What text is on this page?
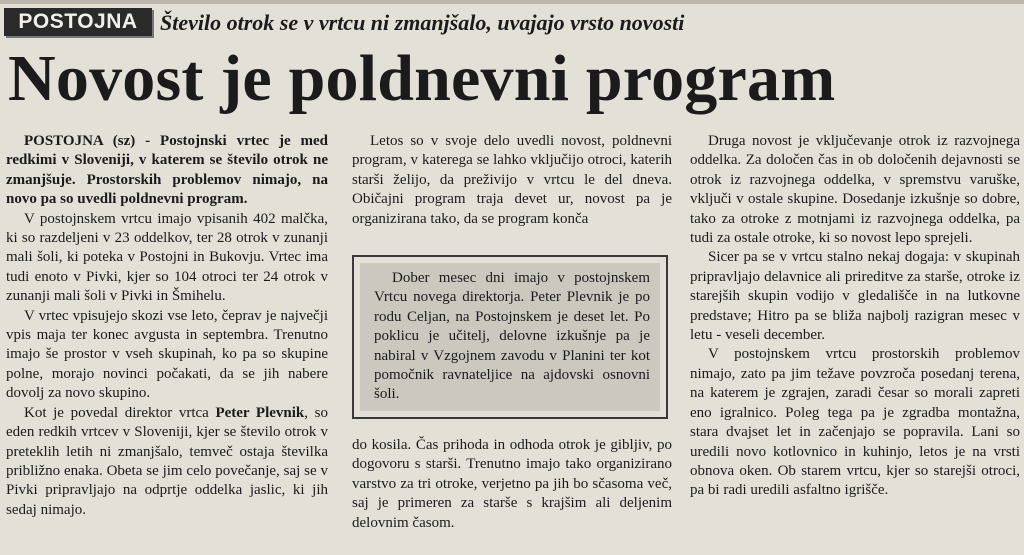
POSTOJNA	Število otrok se v vrtcu ni zmanjšalo, uvajajo vrsto novosti
Novost je poldnevni program

POSTOJNA (sz) - Postojnski vrtec je med redkimi v Sloveniji, v katerem se število otrok ne zmanjšuje. Prostorskih problemov nimajo, na novo pa so uvedli poldnevni program.

V postojnskem vrtcu imajo vpisanih 402 malčka, ki so razdeljeni v 23 oddelkov, ter 28 otrok v zunanji mali šoli, ki poteka v Postojni in Bukovju. Vrtec ima tudi enoto v Pivki, kjer so 104 otroci ter 24 otrok v zunanji mali šoli v Pivki in Šmihelu.

V vrtec vpisujejo skozi vse leto, čeprav je največji vpis maja ter konec avgusta in septembra. Trenutno imajo še prostor v vseh skupinah, ko pa so skupine polne, morajo novinci počakati, da se jih nabere dovolj za novo skupino.

Kot je povedal direktor vrtca Peter Plevnik, so eden redkih vrtcev v Sloveniji, kjer se število otrok v preteklih letih ni zmanjšalo, temveč ostaja številka približno enaka. Obeta se jim celo povečanje, saj se v Pivki pripravljajo na odprtje oddelka jaslic, ki jih sedaj nimajo.

Letos so v svoje delo uvedli novost, poldnevni program, v katerega se lahko vključijo otroci, katerih starši želijo, da preživijo v vrtcu le del dneva. Običajni program traja devet ur, novost pa je organizirana tako, da se program konča

Dober mesec dni imajo v postojnskem Vrtcu novega direktorja. Peter Plevnik je po rodu Celjan, na Postojnskem je deset let. Po poklicu je učitelj, delovne izkušnje pa je nabiral v Vzgojnem zavodu v Planini ter kot pomočnik ravnateljice na ajdovski osnovni šoli.

do kosila. Čas prihoda in odhoda otrok je gibljiv, po dogovoru s starši. Trenutno imajo tako organizirano varstvo za tri otroke, verjetno pa jih bo sčasoma več, saj je primeren za starše s krajšim ali deljenim delovnim časom.

Druga novost je vključevanje otrok iz razvojnega oddelka. Za določen čas in ob določenih dejavnosti se otrok iz razvojnega oddelka, v spremstvu varuške, vključi v ostale skupine. Dosedanje izkušnje so dobre, tako za otroke z motnjami iz razvojnega oddelka, pa tudi za ostale otroke, ki so novost lepo sprejeli.

Sicer pa se v vrtcu stalno nekaj dogaja: v skupinah pripravljajo delavnice ali prireditve za starše, otroke iz starejših skupin vodijo v gledališče in na lutkovne predstave; Hitro pa se bliža najbolj razigran mesec v letu - veseli december.

V postojnskem vrtcu prostorskih problemov nimajo, zato pa jim težave povzroča posedanj terena, na katerem je zgrajen, zaradi česar so morali zapreti eno igralnico. Poleg tega pa je zgradba montažna, stara dvajset let in začenjajo se popravila. Lani so uredili novo kotlovnico in kuhinjo, letos je na vrsti obnova oken. Ob starem vrtcu, kjer so starejši otroci, pa bi radi uredili asfaltno igrišče.
